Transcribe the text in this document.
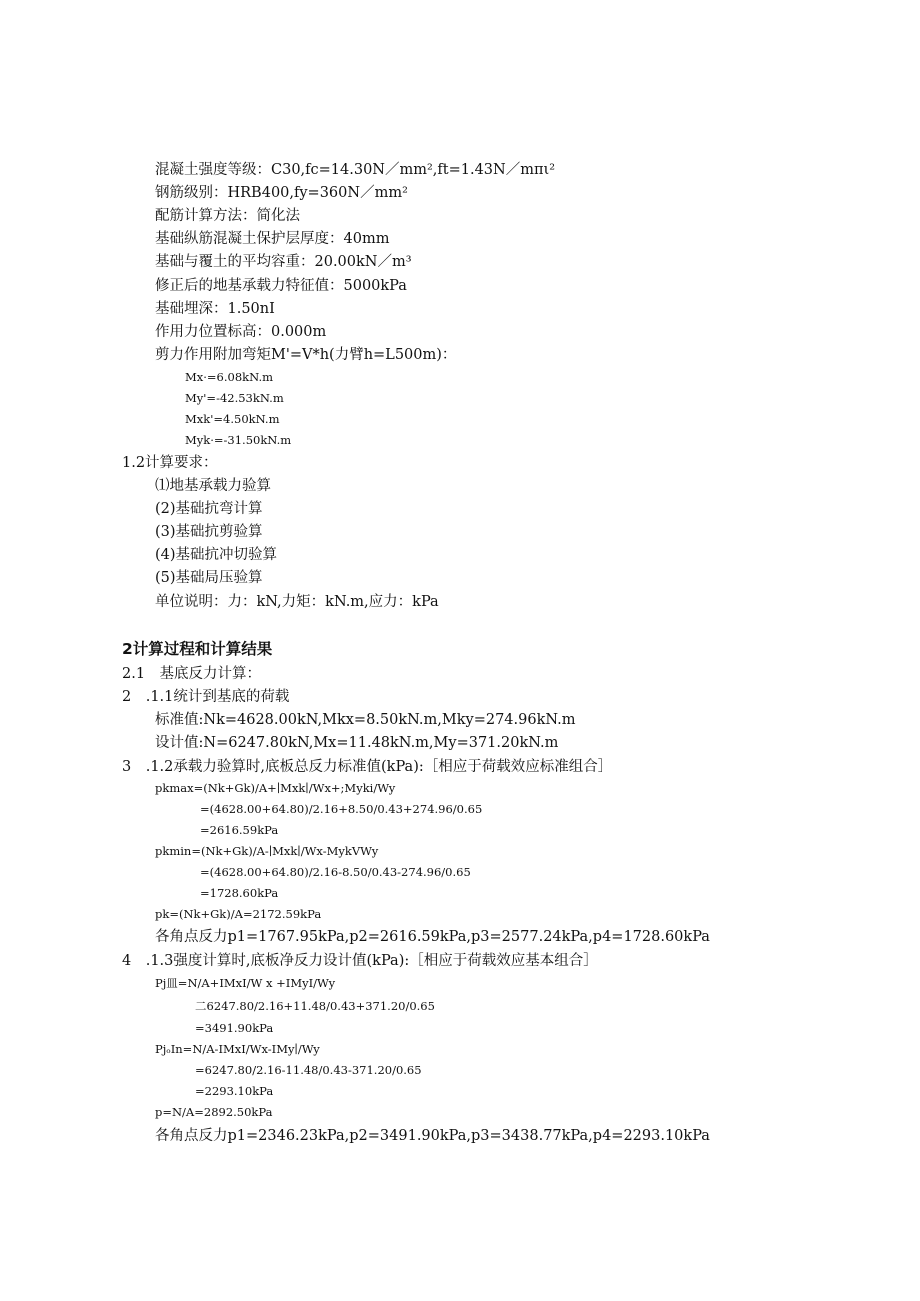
混凝土强度等级：C30,fc=14.30N／mm²,ft=1.43N／mπι²
钢筋级别：HRB400,fy=360N／mm²
配筋计算方法：简化法
基础纵筋混凝土保护层厚度：40mm
基础与覆土的平均容重：20.00kN／m³
修正后的地基承载力特征值：5000kPa
基础埋深：1.50nI
作用力位置标高：0.000m
剪力作用附加弯矩M'=V*h(力臂h=L500m)：
Mx·=6.08kN.m
My'=-42.53kN.m
Mxk'=4.50kN.m
Myk·=-31.50kN.m
1.2计算要求：
⑴地基承载力验算
(2)基础抗弯计算
(3)基础抗剪验算
(4)基础抗冲切验算
(5)基础局压验算
单位说明：力：kN,力矩：kN.m,应力：kPa
2计算过程和计算结果
2.1　基底反力计算：
2　.1.1统计到基底的荷载
标准值:Nk=4628.00kN,Mkx=8.50kN.m,Mky=274.96kN.m
设计值:N=6247.80kN,Mx=11.48kN.m,My=371.20kN.m
3　.1.2承载力验算时,底板总反力标准值(kPa):［相应于荷载效应标准组合］
pkmax=(Nk+Gk)/A+∣Mxk∣/Wx+;Myki/Wy
=(4628.00+64.80)/2.16+8.50/0.43+274.96/0.65
=2616.59kPa
pkmin=(Nk+Gk)/A-∣Mxk∣/Wx-MykVWy
=(4628.00+64.80)/2.16-8.50/0.43-274.96/0.65
=1728.60kPa
pk=(Nk+Gk)/A=2172.59kPa
各角点反力p1=1767.95kPa,p2=2616.59kPa,p3=2577.24kPa,p4=1728.60kPa
4　.1.3强度计算时,底板净反力设计值(kPa):［相应于荷载效应基本组合］
Pj皿=N/A+IMxI/W x +IMyI/Wy
二6247.80/2.16+11.48/0.43+371.20/0.65
=3491.90kPa
PjₒIn=N/A-IMxI/Wx-IMy∣/Wy
=6247.80/2.16-11.48/0.43-371.20/0.65
=2293.10kPa
p=N/A=2892.50kPa
各角点反力p1=2346.23kPa,p2=3491.90kPa,p3=3438.77kPa,p4=2293.10kPa
